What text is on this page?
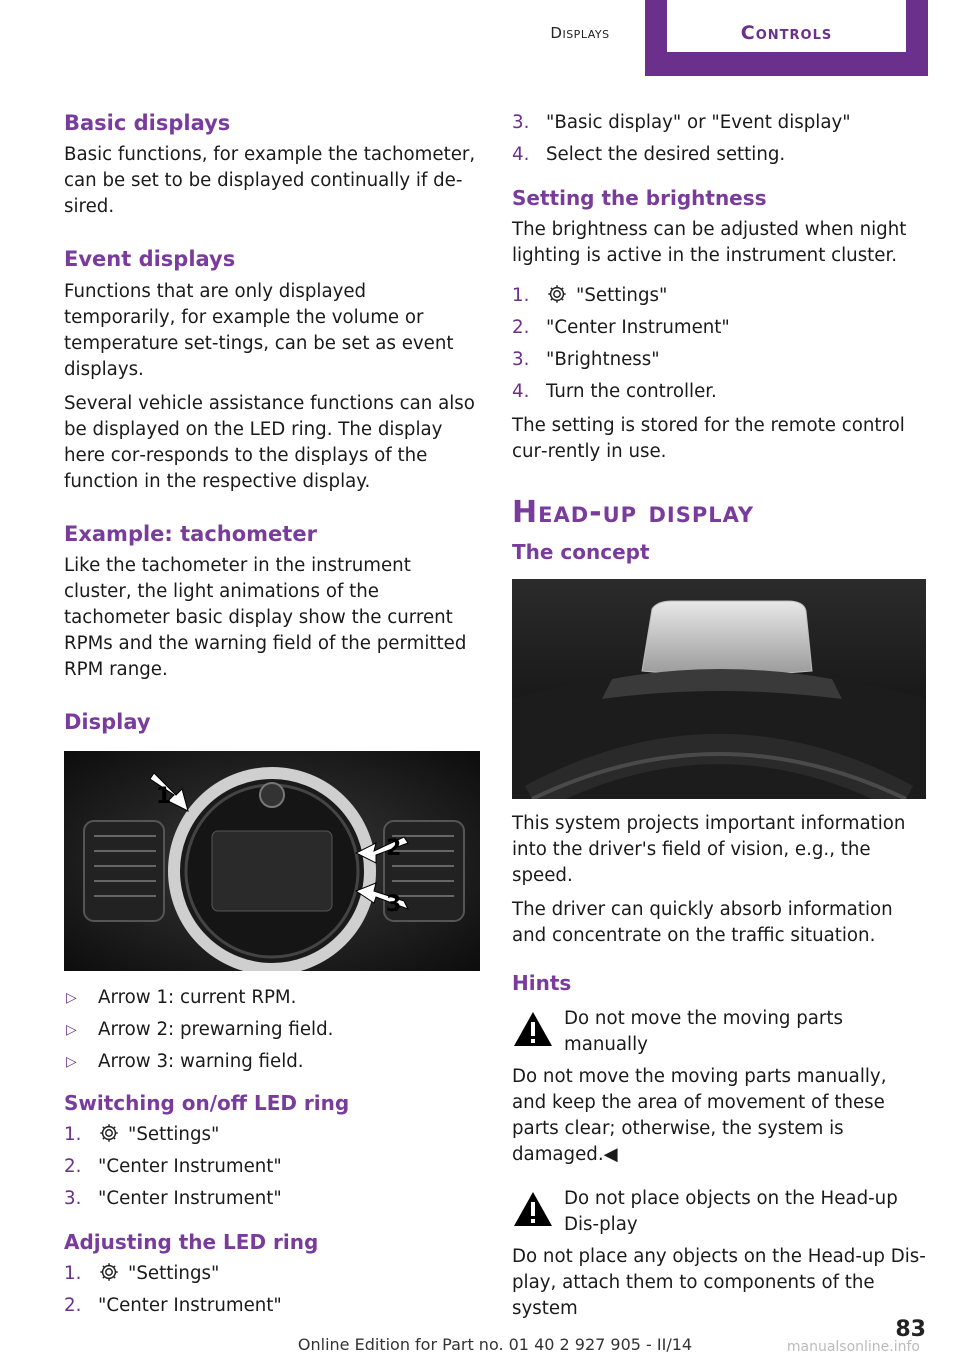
Displays	Controls
Basic displays

Basic functions, for example the tachometer, can be set to be displayed continually if de‐sired.

Event displays

Functions that are only displayed temporarily, for example the volume or temperature set‐tings, can be set as event displays.

Several vehicle assistance functions can also be displayed on the LED ring. The display here cor‐responds to the displays of the function in the respective display.

Example: tachometer

Like the tachometer in the instrument cluster, the light animations of the tachometer basic display show the current RPMs and the warning field of the permitted RPM range.

Display
1
2
3
▷ Arrow 1: current RPM.
▷ Arrow 2: prewarning field.
▷ Arrow 3: warning field.
Switching on/off LED ring
1.	"Settings"
2. "Center Instrument"
3. "Center Instrument"
Adjusting the LED ring
1.	"Settings"
2. "Center Instrument"
3. "Basic display" or "Event display"
4. Select the desired setting.
Setting the brightness

The brightness can be adjusted when night lighting is active in the instrument cluster.

1.	"Settings"
2. "Center Instrument"
3. "Brightness"
4. Turn the controller.

The setting is stored for the remote control cur‐rently in use.

Head-up display
The concept

This system projects important information into the driver's field of vision, e.g., the speed.

The driver can quickly absorb information and concentrate on the traffic situation.

Hints
Do not move the moving parts manually

Do not move the moving parts manually, and keep the area of movement of these parts clear; otherwise, the system is damaged.◀

Do not place objects on the Head-up Dis‐play

Do not place any objects on the Head-up Dis‐play, attach them to components of the system

Online Edition for Part no. 01 40 2 927 905 - II/14
83
manualsonline.info
